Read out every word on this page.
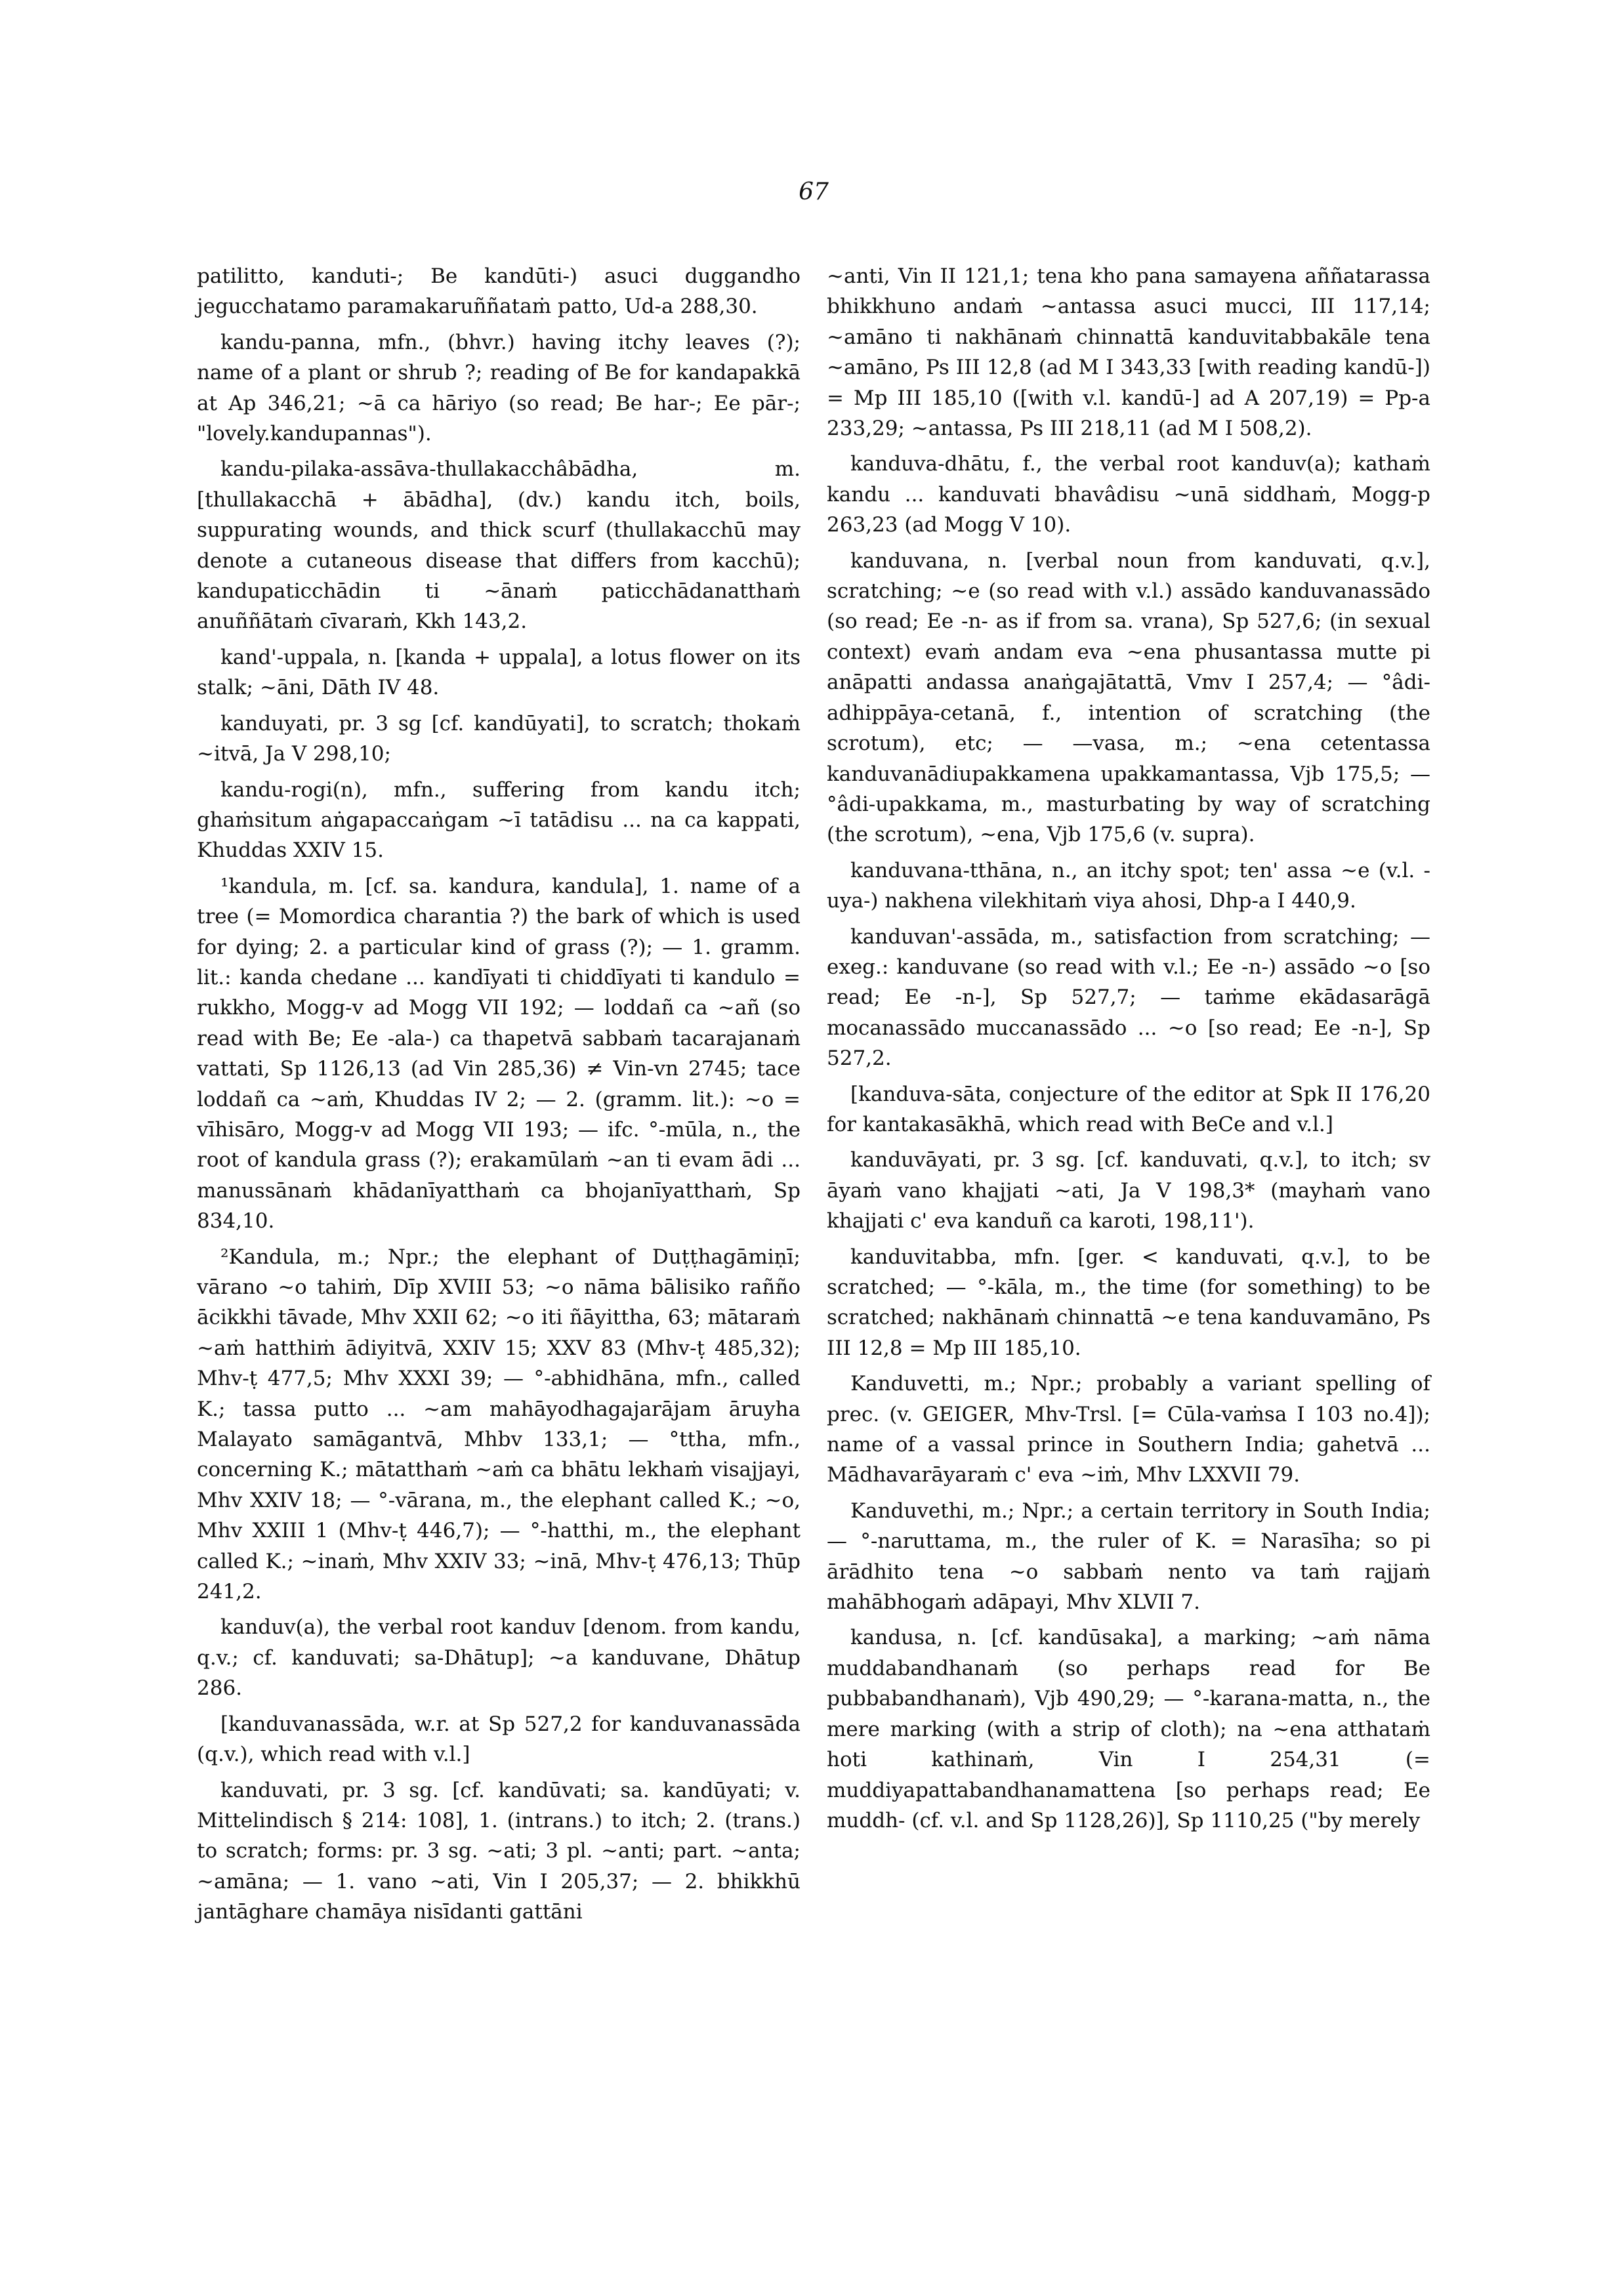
67

patilitto, kanduti-; Be kandūti-) asuci duggandho jegucchatamo paramakaruññataṁ patto, Ud-a 288,30.

kandu-panna, mfn., (bhvr.) having itchy leaves (?); name of a plant or shrub ?; reading of Be for kandapakkā at Ap 346,21; ~ā ca hāriyo (so read; Be har-; Ee pār-; "lovely.kandupannas").

kandu-pilaka-assāva-thullakacchâbādha, m. [thullakacchā + ābādha], (dv.) kandu itch, boils, suppurating wounds, and thick scurf (thullakacchū may denote a cutaneous disease that differs from kacchū); kandupaticchādin ti ~ānaṁ paticchādanatthaṁ anuññātaṁ cīvaraṁ, Kkh 143,2.

kand'-uppala, n. [kanda + uppala], a lotus flower on its stalk; ~āni, Dāth IV 48.

kanduyati, pr. 3 sg [cf. kandūyati], to scratch; thokaṁ ~itvā, Ja V 298,10;

kandu-rogi(n), mfn., suffering from kandu itch; ghaṁsitum aṅgapaccaṅgam ~ī tatādisu ... na ca kappati, Khuddas XXIV 15.

¹kandula, m. [cf. sa. kandura, kandula], 1. name of a tree (= Momordica charantia ?) the bark of which is used for dying; 2. a particular kind of grass (?); — 1. gramm. lit.: kanda chedane ... kandīyati ti chiddīyati ti kandulo = rukkho, Mogg-v ad Mogg VII 192; — loddañ ca ~añ (so read with Be; Ee -ala-) ca thapetvā sabbaṁ tacarajanaṁ vattati, Sp 1126,13 (ad Vin 285,36) ≠ Vin-vn 2745; tace loddañ ca ~aṁ, Khuddas IV 2; — 2. (gramm. lit.): ~o = vīhisāro, Mogg-v ad Mogg VII 193; — ifc. °-mūla, n., the root of kandula grass (?); erakamūlaṁ ~an ti evam ādi ... manussānaṁ khādanīyatthaṁ ca bhojanīyatthaṁ, Sp 834,10.

²Kandula, m.; Npr.; the elephant of Duṭṭhagāmiṇī; vārano ~o tahiṁ, Dīp XVIII 53; ~o nāma bālisiko rañño ācikkhi tāvade, Mhv XXII 62; ~o iti ñāyittha, 63; mātaraṁ ~aṁ hatthiṁ ādiyitvā, XXIV 15; XXV 83 (Mhv-ṭ 485,32); Mhv-ṭ 477,5; Mhv XXXI 39; — °-abhidhāna, mfn., called K.; tassa putto ... ~am mahāyodhagajarājam āruyha Malayato samāgantvā, Mhbv 133,1; — °ttha, mfn., concerning K.; mātatthaṁ ~aṁ ca bhātu lekhaṁ visajjayi, Mhv XXIV 18; — °-vārana, m., the elephant called K.; ~o, Mhv XXIII 1 (Mhv-ṭ 446,7); — °-hatthi, m., the elephant called K.; ~inaṁ, Mhv XXIV 33; ~inā, Mhv-ṭ 476,13; Thūp 241,2.

kanduv(a), the verbal root kanduv [denom. from kandu, q.v.; cf. kanduvati; sa-Dhātup]; ~a kanduvane, Dhātup 286.

[kanduvanassāda, w.r. at Sp 527,2 for kanduvanassāda (q.v.), which read with v.l.]

kanduvati, pr. 3 sg. [cf. kandūvati; sa. kandūyati; v. Mittelindisch § 214: 108], 1. (intrans.) to itch; 2. (trans.) to scratch; forms: pr. 3 sg. ~ati; 3 pl. ~anti; part. ~anta; ~amāna; — 1. vano ~ati, Vin I 205,37; — 2. bhikkhū jantāghare chamāya nisīdanti gattāni

~anti, Vin II 121,1; tena kho pana samayena aññatarassa bhikkhuno andaṁ ~antassa asuci mucci, III 117,14; ~amāno ti nakhānaṁ chinnattā kanduvitabbakāle tena ~amāno, Ps III 12,8 (ad M I 343,33 [with reading kandū-]) = Mp III 185,10 ([with v.l. kandū-] ad A 207,19) = Pp-a 233,29; ~antassa, Ps III 218,11 (ad M I 508,2).

kanduva-dhātu, f., the verbal root kanduv(a); kathaṁ kandu ... kanduvati bhavâdisu ~unā siddhaṁ, Mogg-p 263,23 (ad Mogg V 10).

kanduvana, n. [verbal noun from kanduvati, q.v.], scratching; ~e (so read with v.l.) assādo kanduvanassādo (so read; Ee -n- as if from sa. vrana), Sp 527,6; (in sexual context) evaṁ andam eva ~ena phusantassa mutte pi anāpatti andassa anaṅgajātattā, Vmv I 257,4; — °âdi-adhippāya-cetanā, f., intention of scratching (the scrotum), etc; — —vasa, m.; ~ena cetentassa kanduvanādiupakkamena upakkamantassa, Vjb 175,5; — °âdi-upakkama, m., masturbating by way of scratching (the scrotum), ~ena, Vjb 175,6 (v. supra).

kanduvana-tthāna, n., an itchy spot; ten' assa ~e (v.l. -uya-) nakhena vilekhitaṁ viya ahosi, Dhp-a I 440,9.

kanduvan'-assāda, m., satisfaction from scratching; — exeg.: kanduvane (so read with v.l.; Ee -n-) assādo ~o [so read; Ee -n-], Sp 527,7; — taṁme ekādasarāgā mocanassādo muccanassādo ... ~o [so read; Ee -n-], Sp 527,2.

[kanduva-sāta, conjecture of the editor at Spk II 176,20 for kantakasākhā, which read with BeCe and v.l.]

kanduvāyati, pr. 3 sg. [cf. kanduvati, q.v.], to itch; sv āyaṁ vano khajjati ~ati, Ja V 198,3* (mayhaṁ vano khajjati c' eva kanduñ ca karoti, 198,11').

kanduvitabba, mfn. [ger. < kanduvati, q.v.], to be scratched; — °-kāla, m., the time (for something) to be scratched; nakhānaṁ chinnattā ~e tena kanduvamāno, Ps III 12,8 = Mp III 185,10.

Kanduvetti, m.; Npr.; probably a variant spelling of prec. (v. GEIGER, Mhv-Trsl. [= Cūla-vaṁsa I 103 no.4]); name of a vassal prince in Southern India; gahetvā ... Mādhavarāyaraṁ c' eva ~iṁ, Mhv LXXVII 79.

Kanduvethi, m.; Npr.; a certain territory in South India; — °-naruttama, m., the ruler of K. = Narasīha; so pi ārādhito tena ~o sabbaṁ nento va taṁ rajjaṁ mahābhogaṁ adāpayi, Mhv XLVII 7.

kandusa, n. [cf. kandūsaka], a marking; ~aṁ nāma muddabandhanaṁ (so perhaps read for Be pubbabandhanaṁ), Vjb 490,29; — °-karana-matta, n., the mere marking (with a strip of cloth); na ~ena atthataṁ hoti kathinaṁ, Vin I 254,31 (= muddiyapattabandhanamattena [so perhaps read; Ee muddh- (cf. v.l. and Sp 1128,26)], Sp 1110,25 ("by merely
